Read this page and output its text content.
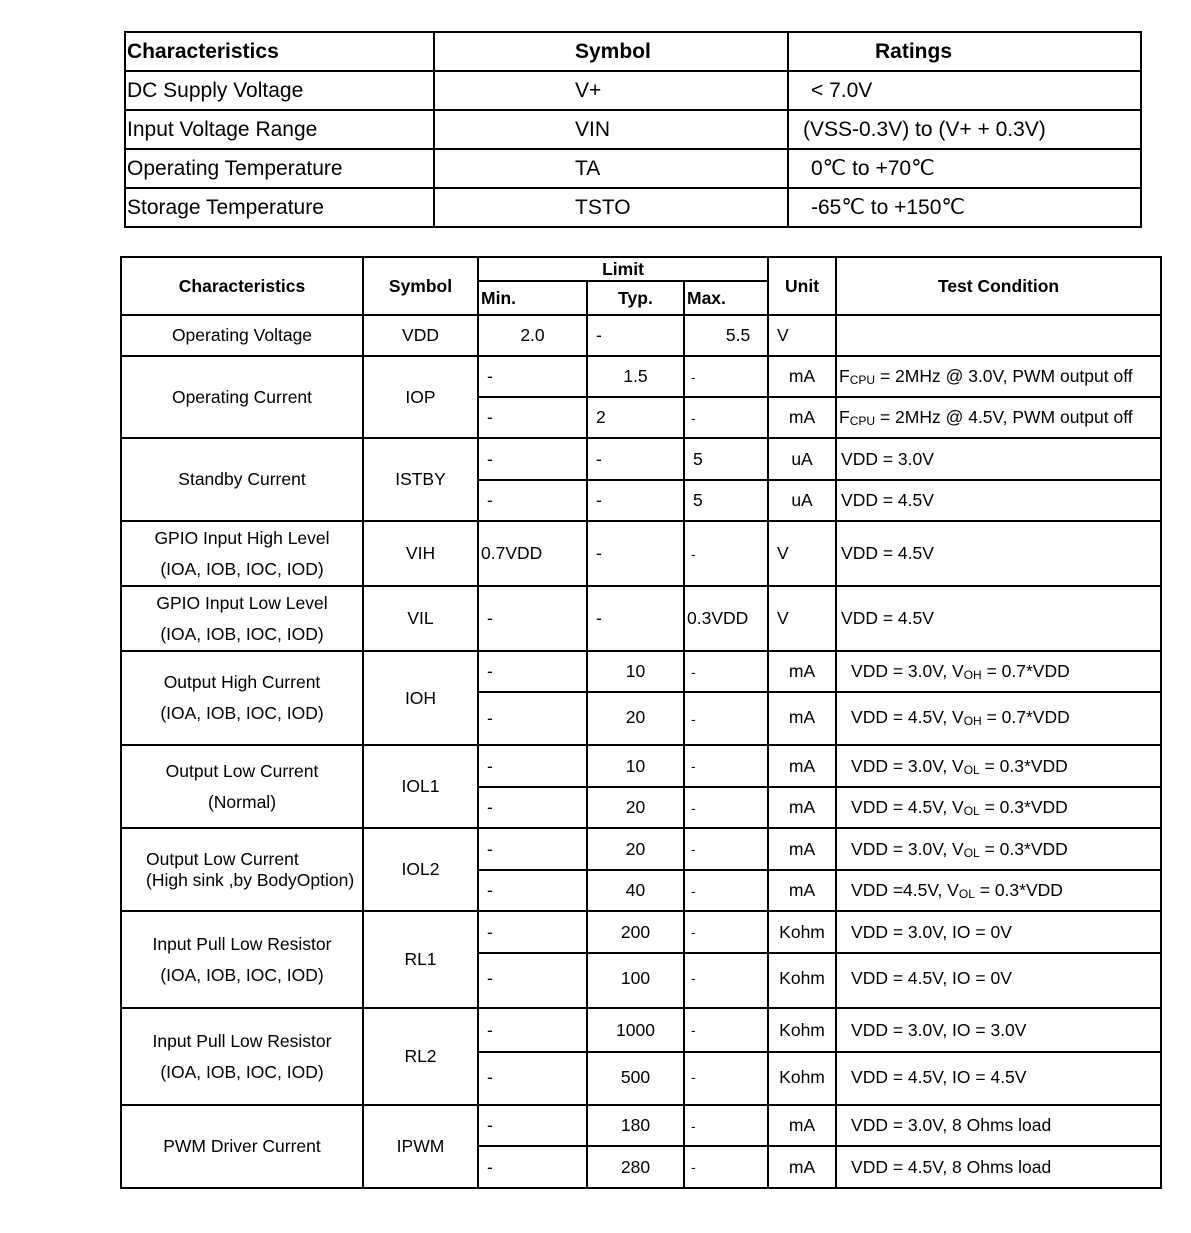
Characteristics	Symbol	Ratings
DC Supply Voltage	V+	< 7.0V
Input Voltage Range	VIN	(VSS-0.3V) to (V+ + 0.3V)
Operating Temperature	TA	0℃ to +70℃
Storage Temperature	TSTO	-65℃ to +150℃
Characteristics	Symbol	Limit			Unit	Test Condition
		Min.	Typ.	Max.		
Operating Voltage	VDD	2.0	-	5.5	V	
Operating Current	IOP	-	1.5	-	mA	FCPU = 2MHz @ 3.0V, PWM output off
		-	2	-	mA	FCPU = 2MHz @ 4.5V, PWM output off
Standby Current	ISTBY	-	-	5	uA	VDD = 3.0V
		-	-	5	uA	VDD = 4.5V

GPIO Input High Level
(IOA, IOB, IOC, IOD)	VIH	0.7VDD	-	-	V	VDD = 4.5V

GPIO Input Low Level
(IOA, IOB, IOC, IOD)	VIL	-	-	0.3VDD	V	VDD = 4.5V

Output High Current
(IOA, IOB, IOC, IOD)	IOH	-	10	-	mA	VDD = 3.0V, VOH = 0.7*VDD
		-	20	-	mA	VDD = 4.5V, VOH = 0.7*VDD

Output Low Current
(Normal)	IOL1	-	10	-	mA	VDD = 3.0V, VOL = 0.3*VDD
		-	20	-	mA	VDD = 4.5V, VOL = 0.3*VDD

Output Low Current
(High sink ,by BodyOption)	IOL2	-	20	-	mA	VDD = 3.0V, VOL = 0.3*VDD
		-	40	-	mA	VDD =4.5V, VOL = 0.3*VDD

Input Pull Low Resistor
(IOA, IOB, IOC, IOD)	RL1	-	200	-	Kohm	VDD = 3.0V, IO = 0V
		-	100	-	Kohm	VDD = 4.5V, IO = 0V

Input Pull Low Resistor
(IOA, IOB, IOC, IOD)	RL2	-	1000	-	Kohm	VDD = 3.0V, IO = 3.0V
		-	500	-	Kohm	VDD = 4.5V, IO = 4.5V
PWM Driver Current	IPWM	-	180	-	mA	VDD = 3.0V, 8 Ohms load
		-	280	-	mA	VDD = 4.5V, 8 Ohms load
